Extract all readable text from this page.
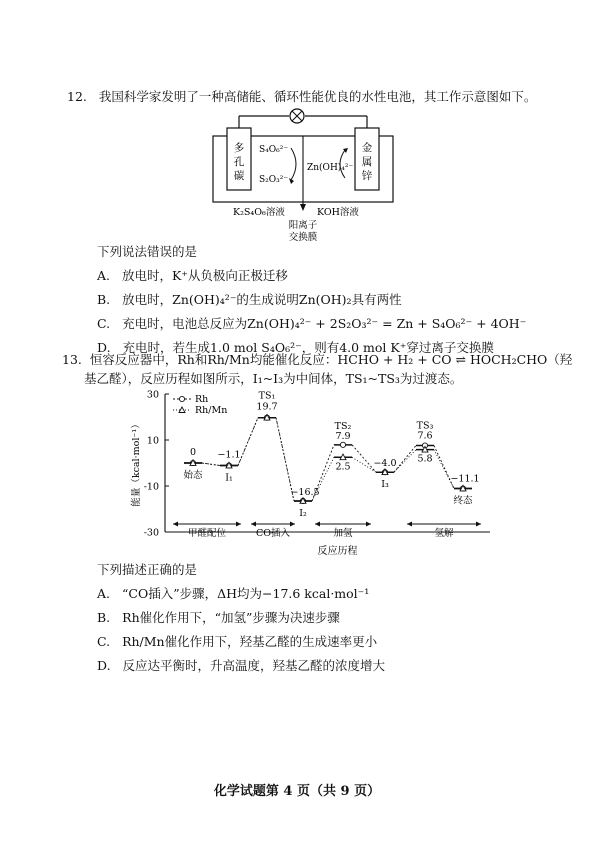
12. 我国科学家发明了一种高储能、循环性能优良的水性电池，其工作示意图如下。
多
孔
碳
金
属
锌
S₄O₆²⁻
S₂O₃²⁻
Zn(OH)₄²⁻
K₂S₄O₆溶液	KOH溶液
阳离子
交换膜
下列说法错误的是
A. 放电时，K⁺从负极向正极迁移
B. 放电时，Zn(OH)₄²⁻的生成说明Zn(OH)₂具有两性
C. 充电时，电池总反应为Zn(OH)₄²⁻ + 2S₂O₃²⁻ = Zn + S₄O₆²⁻ + 4OH⁻
D. 充电时，若生成1.0 mol S₄O₆²⁻，则有4.0 mol K⁺穿过离子交换膜
13. 恒容反应器中，Rh和Rh/Mn均能催化反应：HCHO + H₂ + CO ⇌ HOCH₂CHO（羟
基乙醛），反应历程如图所示，I₁~I₃为中间体，TS₁~TS₃为过渡态。
30
10
-10
-30
能量（kcal·mol⁻¹）
反应历程
0 −1.1
19.7
−16.5
7.9
2.5 −4.0
7.6
5.8
−11.1
始态 I₁
TS₁
I₂
TS₂
I₃
TS₃
终态
Rh
Rh/Mn
甲醛配位	CO插入	加氢	氢解
下列描述正确的是
A. “CO插入”步骤，ΔH均为−17.6 kcal·mol⁻¹
B. Rh催化作用下，“加氢”步骤为决速步骤
C. Rh/Mn催化作用下，羟基乙醛的生成速率更小
D. 反应达平衡时，升高温度，羟基乙醛的浓度增大
化学试题第 4 页（共 9 页）
